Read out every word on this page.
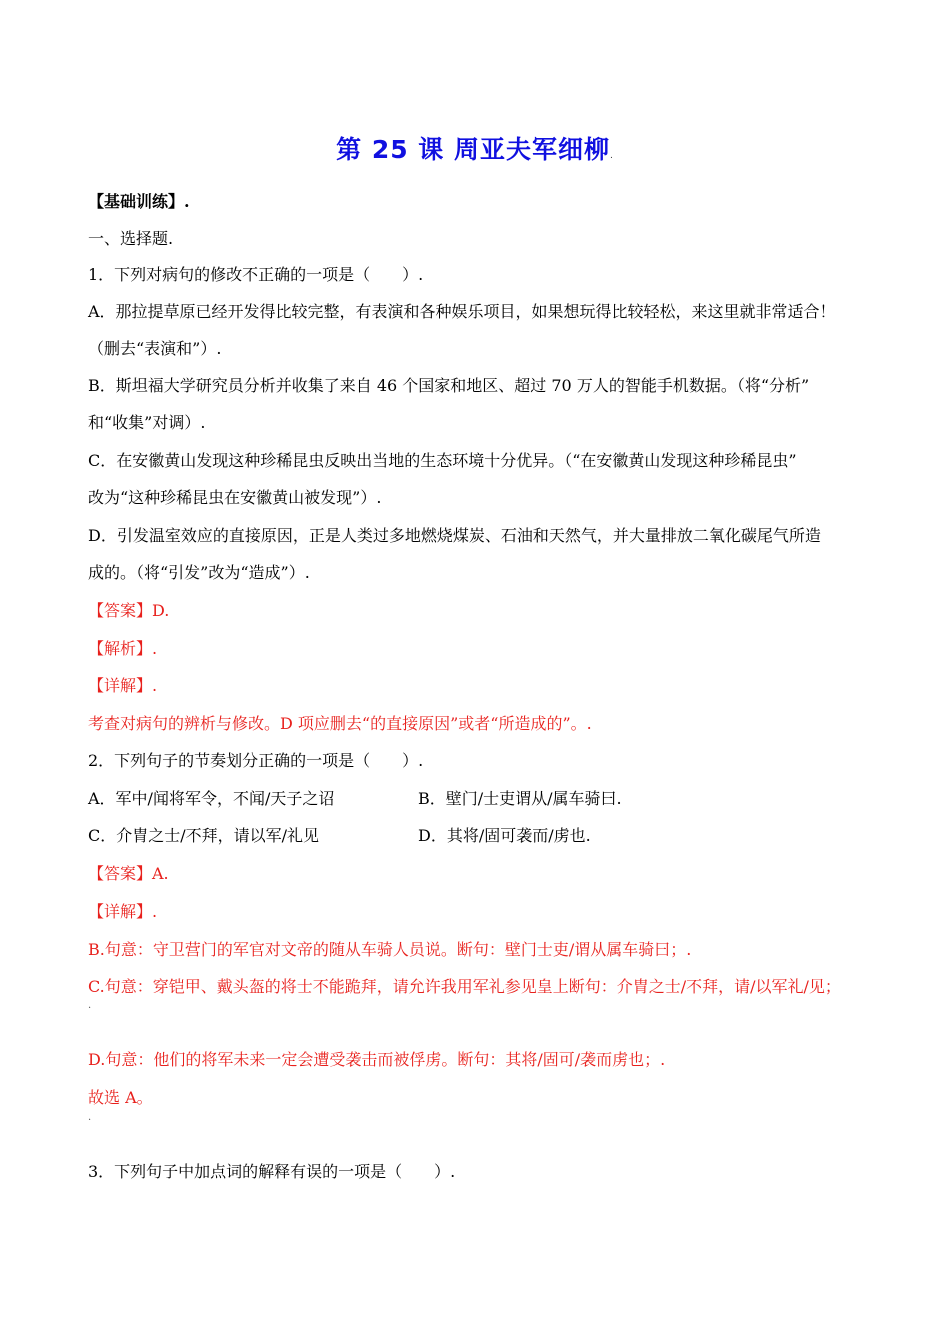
第 25 课 周亚夫军细柳.
【基础训练】.
一、选择题.
1．下列对病句的修改不正确的一项是（　　）.
A．那拉提草原已经开发得比较完整，有表演和各种娱乐项目，如果想玩得比较轻松，来这里就非常适合！
（删去“表演和”）.
B．斯坦福大学研究员分析并收集了来自 46 个国家和地区、超过 70 万人的智能手机数据。（将“分析”
和“收集”对调）.
C．在安徽黄山发现这种珍稀昆虫反映出当地的生态环境十分优异。（“在安徽黄山发现这种珍稀昆虫”
改为“这种珍稀昆虫在安徽黄山被发现”）.
D．引发温室效应的直接原因，正是人类过多地燃烧煤炭、石油和天然气，并大量排放二氧化碳尾气所造
成的。（将“引发”改为“造成”）.
【答案】D.
【解析】.
【详解】.
考查对病句的辨析与修改。D 项应删去“的直接原因”或者“所造成的”。.
2．下列句子的节奏划分正确的一项是（　　）.
A．军中/闻将军令，不闻/天子之诏	B．壁门/士吏谓从/属车骑曰.
C．介胄之士/不拜，请以军/礼见	D．其将/固可袭而/虏也.
【答案】A.
【详解】.
B.句意：守卫营门的军官对文帝的随从车骑人员说。断句：壁门士吏/谓从属车骑曰；.
C.句意：穿铠甲、戴头盔的将士不能跪拜，请允许我用军礼参见皇上断句：介胄之士/不拜，请/以军礼/见；
.
D.句意：他们的将军未来一定会遭受袭击而被俘虏。断句：其将/固可/袭而虏也；.
故选 A。
.
3．下列句子中加点词的解释有误的一项是（　　）.
